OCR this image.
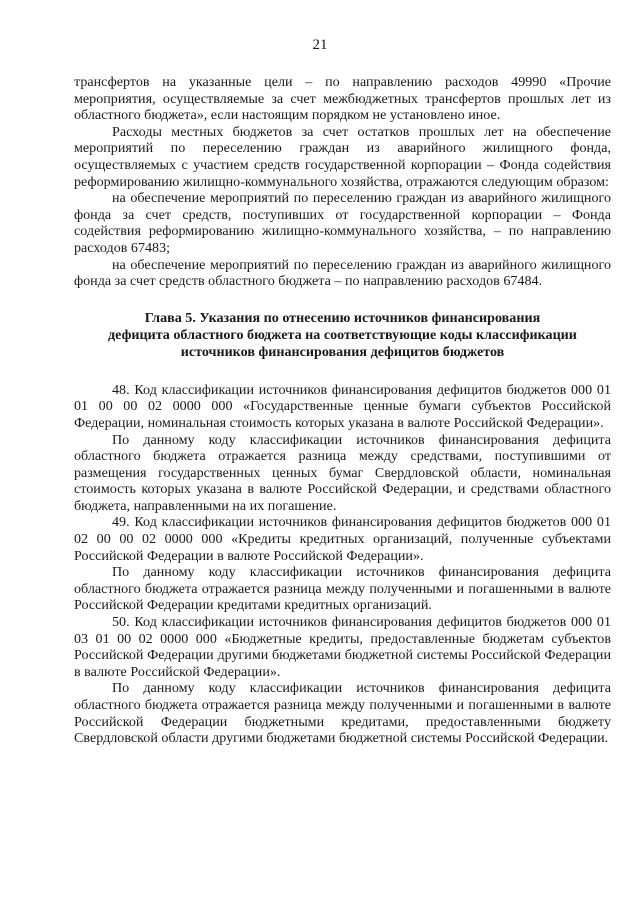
21

трансфертов на указанные цели – по направлению расходов 49990 «Прочие мероприятия, осуществляемые за счет межбюджетных трансфертов прошлых лет из областного бюджета», если настоящим порядком не установлено иное.

Расходы местных бюджетов за счет остатков прошлых лет на обеспечение мероприятий по переселению граждан из аварийного жилищного фонда, осуществляемых с участием средств государственной корпорации – Фонда содействия реформированию жилищно-коммунального хозяйства, отражаются следующим образом:

на обеспечение мероприятий по переселению граждан из аварийного жилищного фонда за счет средств, поступивших от государственной корпорации – Фонда содействия реформированию жилищно-коммунального хозяйства, – по направлению расходов 67483;

на обеспечение мероприятий по переселению граждан из аварийного жилищного фонда за счет средств областного бюджета – по направлению расходов 67484.

Глава 5. Указания по отнесению источников финансирования
дефицита областного бюджета на соответствующие коды классификации
источников финансирования дефицитов бюджетов

48. Код классификации источников финансирования дефицитов бюджетов 000 01 01 00 00 02 0000 000 «Государственные ценные бумаги субъектов Российской Федерации, номинальная стоимость которых указана в валюте Российской Федерации».

По данному коду классификации источников финансирования дефицита областного бюджета отражается разница между средствами, поступившими от размещения государственных ценных бумаг Свердловской области, номинальная стоимость которых указана в валюте Российской Федерации, и средствами областного бюджета, направленными на их погашение.

49. Код классификации источников финансирования дефицитов бюджетов 000 01 02 00 00 02 0000 000 «Кредиты кредитных организаций, полученные субъектами Российской Федерации в валюте Российской Федерации».

По данному коду классификации источников финансирования дефицита областного бюджета отражается разница между полученными и погашенными в валюте Российской Федерации кредитами кредитных организаций.

50. Код классификации источников финансирования дефицитов бюджетов 000 01 03 01 00 02 0000 000 «Бюджетные кредиты, предоставленные бюджетам субъектов Российской Федерации другими бюджетами бюджетной системы Российской Федерации в валюте Российской Федерации».

По данному коду классификации источников финансирования дефицита областного бюджета отражается разница между полученными и погашенными в валюте Российской Федерации бюджетными кредитами, предоставленными бюджету Свердловской области другими бюджетами бюджетной системы Российской Федерации.
